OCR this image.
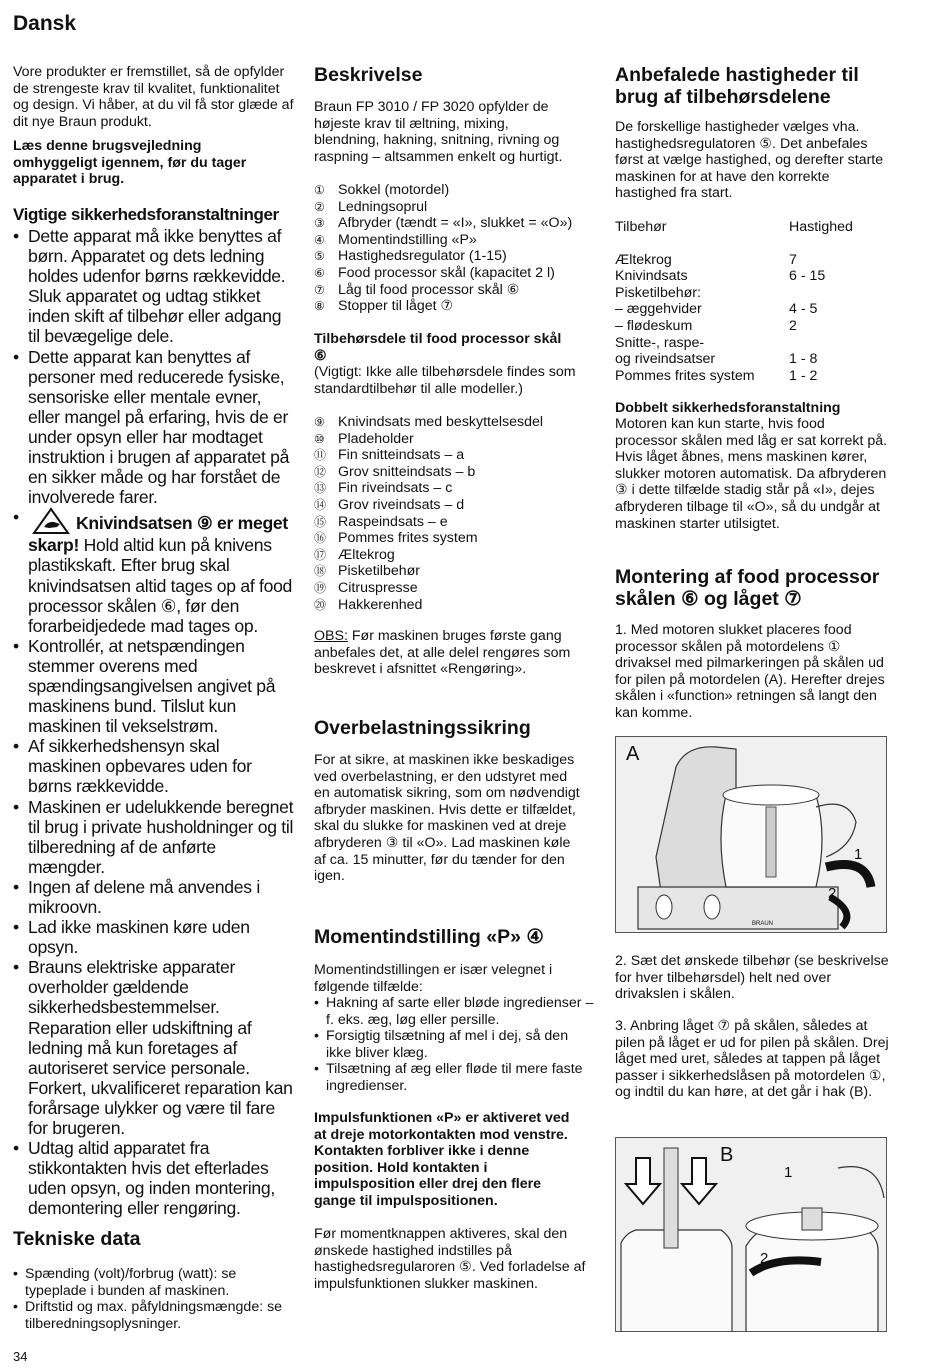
Dansk
Vore produkter er fremstillet, så de opfylder de strengeste krav til kvalitet, funktionalitet og design. Vi håber, at du vil få stor glæde af dit nye Braun produkt.
Læs denne brugsvejledning omhyggeligt igennem, før du tager apparatet i brug.
Vigtige sikkerhedsforanstaltninger
• Dette apparat må ikke benyttes af børn. Apparatet og dets ledning holdes udenfor børns rækkevidde. Sluk apparatet og udtag stikket inden skift af tilbehør eller adgang til bevægelige dele.
• Dette apparat kan benyttes af personer med reducerede fysiske, sensoriske eller mentale evner, eller mangel på erfaring, hvis de er under opsyn eller har modtaget instruktion i brugen af apparatet på en sikker måde og har forstået de involverede farer.
• Knivindsatsen ⑨ er meget skarp! Hold altid kun på knivens plastikskaft. Efter brug skal knivindsatsen altid tages op af food processor skålen ⑥, før den forarbeidjedede mad tages op.
• Kontrollér, at netspændingen stemmer overens med spændingsangivelsen angivet på maskinens bund. Tilslut kun maskinen til vekselstrøm.
• Af sikkerhedshensyn skal maskinen opbevares uden for børns rækkevidde.
• Maskinen er udelukkende beregnet til brug i private husholdninger og til tilberedning af de anførte mængder.
• Ingen af delene må anvendes i mikroovn.
• Lad ikke maskinen køre uden opsyn.
• Brauns elektriske apparater overholder gældende sikkerhedsbestemmelser. Reparation eller udskiftning af ledning må kun foretages af autoriseret service personale. Forkert, ukvalificeret reparation kan forårsage ulykker og være til fare for brugeren.
• Udtag altid apparatet fra stikkontakten hvis det efterlades uden opsyn, og inden montering, demontering eller rengøring.
Tekniske data
• Spænding (volt)/forbrug (watt): se typeplade i bunden af maskinen.
• Driftstid og max. påfyldningsmængde: se tilberedningsoplysninger.
Beskrivelse
Braun FP 3010 / FP 3020 opfylder de højeste krav til æltning, mixing, blendning, hakning, snitning, rivning og raspning – altsammen enkelt og hurtigt.
① Sokkel (motordel)
② Ledningsoprul
③ Afbryder (tændt = «I», slukket = «O»)
④ Momentindstilling «P»
⑤ Hastighedsregulator (1-15)
⑥ Food processor skål (kapacitet 2 l)
⑦ Låg til food processor skål ⑥
⑧ Stopper til låget ⑦
Tilbehørsdele til food processor skål ⑥
(Vigtigt: Ikke alle tilbehørsdele findes som standardtilbehør til alle modeller.)
⑨ Knivindsats med beskyttelsesdel
⑩ Pladeholder
⑪ Fin snitteindsats – a
⑫ Grov snitteindsats – b
⑬ Fin riveindsats – c
⑭ Grov riveindsats – d
⑮ Raspeindsats – e
⑯ Pommes frites system
⑰ Æltekrog
⑱ Pisketilbehør
⑲ Citruspresse
⑳ Hakkerenhed
OBS: Før maskinen bruges første gang anbefales det, at alle delel rengøres som beskrevet i afsnittet «Rengøring».
Overbelastningssikring
For at sikre, at maskinen ikke beskadiges ved overbelastning, er den udstyret med en automatisk sikring, som om nødvendigt afbryder maskinen. Hvis dette er tilfældet, skal du slukke for maskinen ved at dreje afbryderen ③ til «O». Lad maskinen køle af ca. 15 minutter, før du tænder for den igen.
Momentindstilling «P» ④
Momentindstillingen er især velegnet i følgende tilfælde:
• Hakning af sarte eller bløde ingredienser – f. eks. æg, løg eller persille.
• Forsigtig tilsætning af mel i dej, så den ikke bliver klæg.
• Tilsætning af æg eller fløde til mere faste ingredienser.
Impulsfunktionen «P» er aktiveret ved at dreje motorkontakten mod venstre. Kontakten forbliver ikke i denne position. Hold kontakten i impulsposition eller drej den flere gange til impulspositionen.
Før momentknappen aktiveres, skal den ønskede hastighed indstilles på hastighedsregularoren ⑤. Ved forladelse af impulsfunktionen slukker maskinen.
Anbefalede hastigheder til brug af tilbehørsdelene
De forskellige hastigheder vælges vha. hastighedsregulatoren ⑤. Det anbefales først at vælge hastighed, og derefter starte maskinen for at have den korrekte hastighed fra start.
Tilbehør	Hastighed
Æltekrog	7
Knivindsats	6 - 15
Pisketilbehør:
– æggehvider	4 - 5
– flødeskum	2
Snitte-, raspe-
og riveindsatser	1 - 8
Pommes frites system	1 - 2
Dobbelt sikkerhedsforanstaltning
Motoren kan kun starte, hvis food processor skålen med låg er sat korrekt på. Hvis låget åbnes, mens maskinen kører, slukker motoren automatisk. Da afbryderen ③ i dette tilfælde stadig står på «I», dejes afbryderen tilbage til «O», så du undgår at maskinen starter utilsigtet.
Montering af food processor skålen ⑥ og låget ⑦
1. Med motoren slukket placeres food processor skålen på motordelens ① drivaksel med pilmarkeringen på skålen ud for pilen på motordelen (A). Herefter drejes skålen i «function» retningen så langt den kan komme.
2. Sæt det ønskede tilbehør (se beskrivelse for hver tilbehørsdel) helt ned over drivakslen i skålen.
3. Anbring låget ⑦ på skålen, således at pilen på låget er ud for pilen på skålen. Drej låget med uret, således at tappen på låget passer i sikkerhedslåsen på motordelen ①, og indtil du kan høre, at det går i hak (B).
A
1
2
BRAUN
B
1
2
34
